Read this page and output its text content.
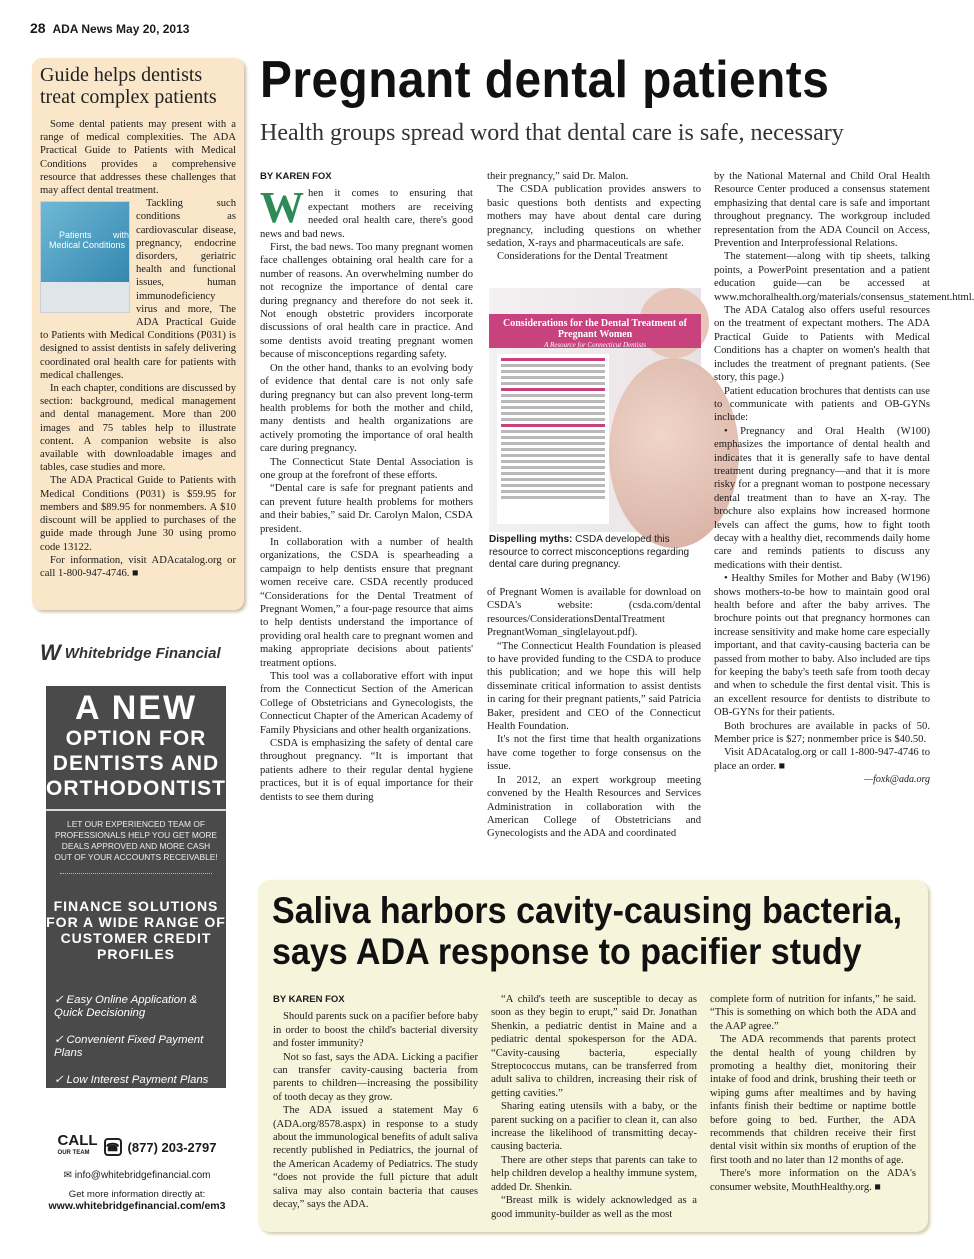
28 ADA News May 20, 2013
Guide helps dentists treat complex patients

Some dental patients may present with a range of medical complexities. The ADA Practical Guide to Patients with Medical Conditions provides a comprehensive resource that addresses these challenges that may affect dental treatment.

Patients with Medical Conditions
Tackling such conditions as cardiovascular disease, pregnancy, endocrine disorders, geriatric health and functional issues, human immunodeficiency virus and more, The ADA Practical Guide to Patients with Medical Conditions (P031) is designed to assist dentists in safely delivering coordinated oral health care for patients with medical challenges.

In each chapter, conditions are discussed by section: background, medical management and dental management. More than 200 images and 75 tables help to illustrate content. A companion website is also available with downloadable images and tables, case studies and more.

The ADA Practical Guide to Patients with Medical Conditions (P031) is $59.95 for members and $89.95 for nonmembers. A $10 discount will be applied to purchases of the guide made through June 30 using promo code 13122.

For information, visit ADAcatalog.org or call 1-800-947-4746. ■

W Whitebridge Financial
A NEW
OPTION FOR DENTISTS AND ORTHODONTISTS
LET OUR EXPERIENCED TEAM OF PROFESSIONALS HELP YOU GET MORE DEALS APPROVED AND MORE CASH OUT OF YOUR ACCOUNTS RECEIVABLE!
FINANCE SOLUTIONS FOR A WIDE RANGE OF CUSTOMER CREDIT PROFILES
✓ Easy Online Application & Quick Decisioning
✓ Convenient Fixed Payment Plans
✓ Low Interest Payment Plans
CALL
OUR TEAM	☎ (877) 203-2797
✉ info@whitebridgefinancial.com
Get more information directly at:
www.whitebridgefinancial.com/em3
Pregnant dental patients
Health groups spread word that dental care is safe, necessary
BY KAREN FOX

When it comes to ensuring that expectant mothers are receiving needed oral health care, there's good news and bad news.

First, the bad news. Too many pregnant women face challenges obtaining oral health care for a number of reasons. An overwhelming number do not recognize the importance of dental care during pregnancy and therefore do not seek it. Not enough obstetric providers incorporate discussions of oral health care in practice. And some dentists avoid treating pregnant women because of misconceptions regarding safety.

On the other hand, thanks to an evolving body of evidence that dental care is not only safe during pregnancy but can also prevent long-term health problems for both the mother and child, many dentists and health organizations are actively promoting the importance of oral health care during pregnancy.

The Connecticut State Dental Association is one group at the forefront of these efforts.

“Dental care is safe for pregnant patients and can prevent future health problems for mothers and their babies,” said Dr. Carolyn Malon, CSDA president.

In collaboration with a number of health organizations, the CSDA is spearheading a campaign to help dentists ensure that pregnant women receive care. CSDA recently produced “Considerations for the Dental Treatment of Pregnant Women,” a four-page resource that aims to help dentists understand the importance of providing oral health care to pregnant women and making appropriate decisions about patients' treatment options.

This tool was a collaborative effort with input from the Connecticut Section of the American College of Obstetricians and Gynecologists, the Connecticut Chapter of the American Academy of Family Physicians and other health organizations.

CSDA is emphasizing the safety of dental care throughout pregnancy. “It is important that patients adhere to their regular dental hygiene practices, but it is of equal importance for their dentists to see them during

their pregnancy,” said Dr. Malon.

The CSDA publication provides answers to basic questions both dentists and expecting mothers may have about dental care during pregnancy, including questions on whether sedation, X-rays and pharmaceuticals are safe.

Considerations for the Dental Treatment

Considerations for the Dental Treatment of Pregnant Women
A Resource for Connecticut Dentists
Dispelling myths: CSDA developed this resource to correct misconceptions regarding dental care during pregnancy.

of Pregnant Women is available for download on CSDA's website: (csda.com/dental resources/ConsiderationsDentalTreatment PregnantWoman_singlelayout.pdf).

“The Connecticut Health Foundation is pleased to have provided funding to the CSDA to produce this publication; and we hope this will help disseminate critical information to assist dentists in caring for their pregnant patients,” said Patricia Baker, president and CEO of the Connecticut Health Foundation.

It's not the first time that health organizations have come together to forge consensus on the issue.

In 2012, an expert workgroup meeting convened by the Health Resources and Services Administration in collaboration with the American College of Obstetricians and Gynecologists and the ADA and coordinated

by the National Maternal and Child Oral Health Resource Center produced a consensus statement emphasizing that dental care is safe and important throughout pregnancy. The workgroup included representation from the ADA Council on Access, Prevention and Interprofessional Relations.

The statement—along with tip sheets, talking points, a PowerPoint presentation and a patient education guide—can be accessed at www.mchoralhealth.org/materials/consensus_statement.html.

The ADA Catalog also offers useful resources on the treatment of expectant mothers. The ADA Practical Guide to Patients with Medical Conditions has a chapter on women's health that includes the treatment of pregnant patients. (See story, this page.)

Patient education brochures that dentists can use to communicate with patients and OB-GYNs include:

• Pregnancy and Oral Health (W100) emphasizes the importance of dental health and indicates that it is generally safe to have dental treatment during pregnancy—and that it is more risky for a pregnant woman to postpone necessary dental treatment than to have an X-ray. The brochure also explains how increased hormone levels can affect the gums, how to fight tooth decay with a healthy diet, recommends daily home care and reminds patients to discuss any medications with their dentist.

• Healthy Smiles for Mother and Baby (W196) shows mothers-to-be how to maintain good oral health before and after the baby arrives. The brochure points out that pregnancy hormones can increase sensitivity and make home care especially important, and that cavity-causing bacteria can be passed from mother to baby. Also included are tips for keeping the baby's teeth safe from tooth decay and when to schedule the first dental visit. This is an excellent resource for dentists to distribute to OB-GYNs for their patients.

Both brochures are available in packs of 50. Member price is $27; nonmember price is $40.50.

Visit ADAcatalog.org or call 1-800-947-4746 to place an order. ■

—foxk@ada.org

Saliva harbors cavity-causing bacteria,
says ADA response to pacifier study
BY KAREN FOX

Should parents suck on a pacifier before baby in order to boost the child's bacterial diversity and foster immunity?

Not so fast, says the ADA. Licking a pacifier can transfer cavity-causing bacteria from parents to children—increasing the possibility of tooth decay as they grow.

The ADA issued a statement May 6 (ADA.org/8578.aspx) in response to a study about the immunological benefits of adult saliva recently published in Pediatrics, the journal of the American Academy of Pediatrics. The study “does not provide the full picture that adult saliva may also contain bacteria that causes decay,” says the ADA.

“A child's teeth are susceptible to decay as soon as they begin to erupt,” said Dr. Jonathan Shenkin, a pediatric dentist in Maine and a pediatric dental spokesperson for the ADA. “Cavity-causing bacteria, especially Streptococcus mutans, can be transferred from adult saliva to children, increasing their risk of getting cavities.”

Sharing eating utensils with a baby, or the parent sucking on a pacifier to clean it, can also increase the likelihood of transmitting decay-causing bacteria.

There are other steps that parents can take to help children develop a healthy immune system, added Dr. Shenkin.

“Breast milk is widely acknowledged as a good immunity-builder as well as the most

complete form of nutrition for infants,” he said. “This is something on which both the ADA and the AAP agree.”

The ADA recommends that parents protect the dental health of young children by promoting a healthy diet, monitoring their intake of food and drink, brushing their teeth or wiping gums after mealtimes and by having infants finish their bedtime or naptime bottle before going to bed. Further, the ADA recommends that children receive their first dental visit within six months of eruption of the first tooth and no later than 12 months of age.

There's more information on the ADA's consumer website, MouthHealthy.org. ■
